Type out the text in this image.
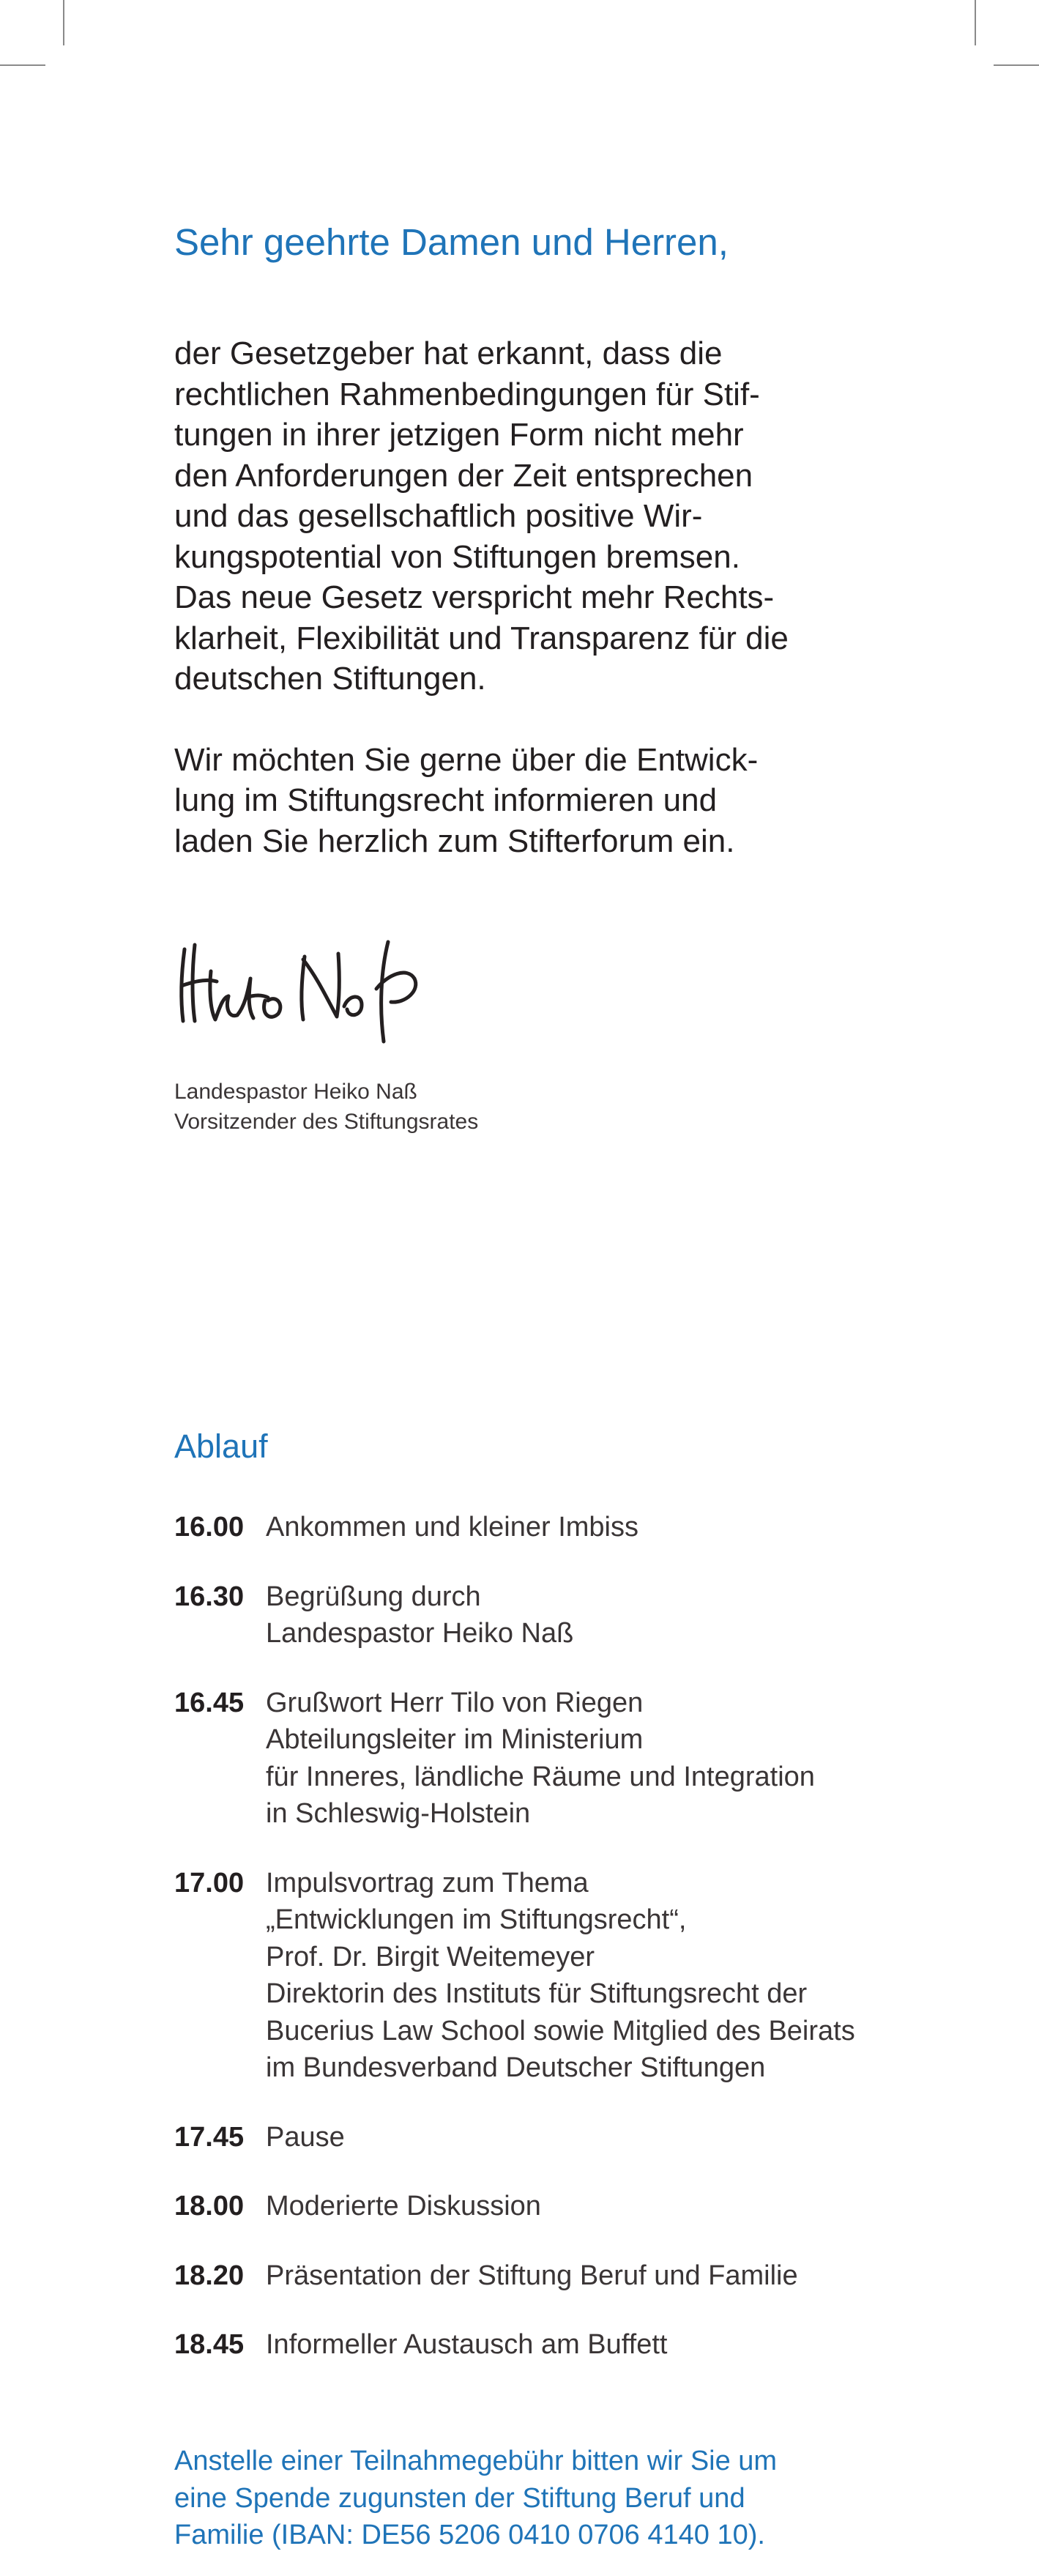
Sehr geehrte Damen und Herren,

der Gesetzgeber hat erkannt, dass die
rechtlichen Rahmenbedingungen für Stif-
tungen in ihrer jetzigen Form nicht mehr
den Anforderungen der Zeit entsprechen
und das gesellschaftlich positive Wir-
kungspotential von Stiftungen bremsen.
Das neue Gesetz verspricht mehr Rechts-
klarheit, Flexibilität und Transparenz für die
deutschen Stiftungen.

Wir möchten Sie gerne über die Entwick-
lung im Stiftungsrecht informieren und
laden Sie herzlich zum Stifterforum ein.

Landespastor Heiko Naß
Vorsitzender des Stiftungsrates
Ablauf
16.00 Ankommen und kleiner Imbiss
16.30 Begrüßung durch
Landespastor Heiko Naß
16.45 Grußwort Herr Tilo von Riegen
Abteilungsleiter im Ministerium
für Inneres, ländliche Räume und Integration
in Schleswig-Holstein
17.00 Impulsvortrag zum Thema
„Entwicklungen im Stiftungsrecht“,
Prof. Dr. Birgit Weitemeyer
Direktorin des Instituts für Stiftungsrecht der
Bucerius Law School sowie Mitglied des Beirats
im Bundesverband Deutscher Stiftungen
17.45 Pause
18.00 Moderierte Diskussion
18.20 Präsentation der Stiftung Beruf und Familie
18.45 Informeller Austausch am Buffett
Anstelle einer Teilnahmegebühr bitten wir Sie um
eine Spende zugunsten der Stiftung Beruf und
Familie (IBAN: DE56 5206 0410 0706 4140 10).
